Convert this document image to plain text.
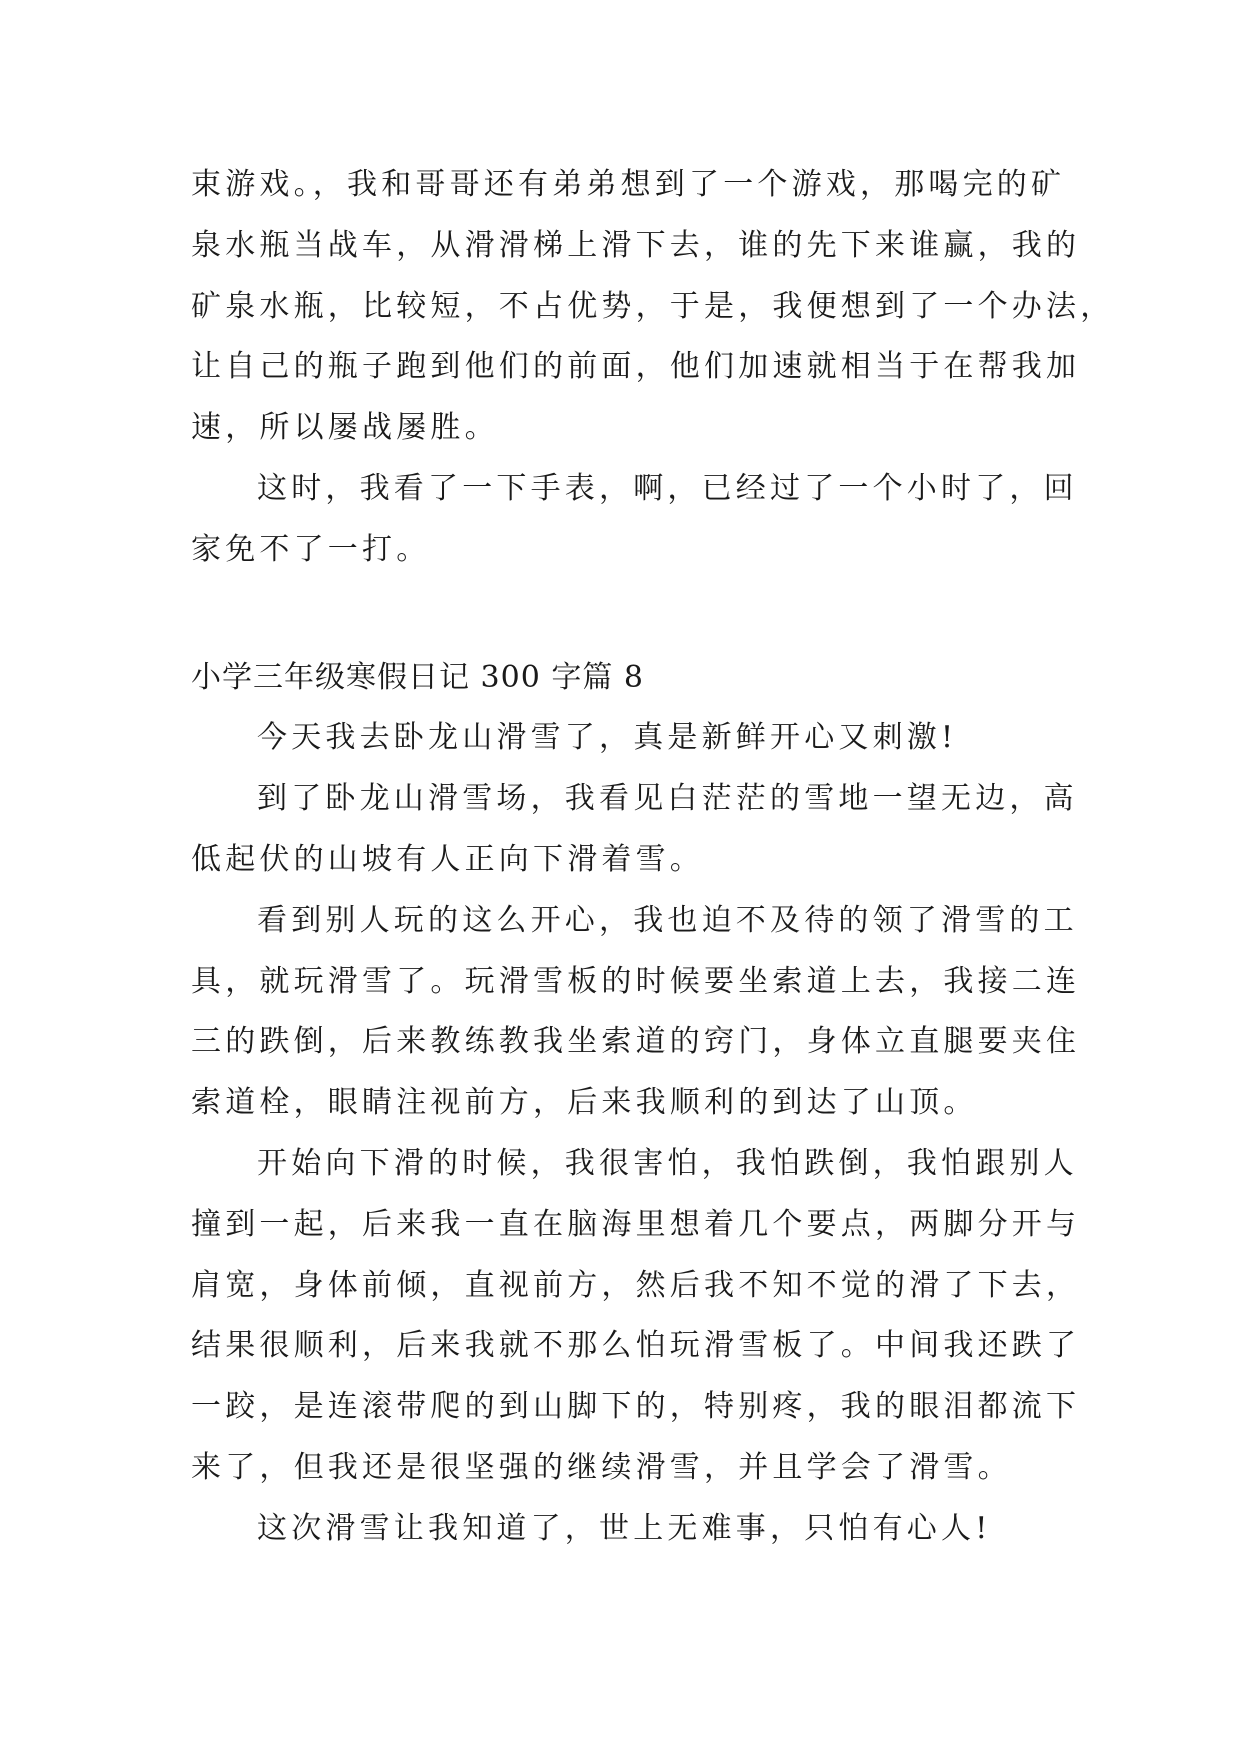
束游戏。，我和哥哥还有弟弟想到了一个游戏，那喝完的矿
泉水瓶当战车，从滑滑梯上滑下去，谁的先下来谁赢，我的
矿泉水瓶，比较短，不占优势，于是，我便想到了一个办法，
让自己的瓶子跑到他们的前面，他们加速就相当于在帮我加
速，所以屡战屡胜。
这时，我看了一下手表，啊，已经过了一个小时了，回
家免不了一打。
小学三年级寒假日记 300 字篇 8
今天我去卧龙山滑雪了，真是新鲜开心又刺激!
到了卧龙山滑雪场，我看见白茫茫的雪地一望无边，高
低起伏的山坡有人正向下滑着雪。
看到别人玩的这么开心，我也迫不及待的领了滑雪的工
具，就玩滑雪了。玩滑雪板的时候要坐索道上去，我接二连
三的跌倒，后来教练教我坐索道的窍门，身体立直腿要夹住
索道栓，眼睛注视前方，后来我顺利的到达了山顶。
开始向下滑的时候，我很害怕，我怕跌倒，我怕跟别人
撞到一起，后来我一直在脑海里想着几个要点，两脚分开与
肩宽，身体前倾，直视前方，然后我不知不觉的滑了下去，
结果很顺利，后来我就不那么怕玩滑雪板了。中间我还跌了
一跤，是连滚带爬的到山脚下的，特别疼，我的眼泪都流下
来了，但我还是很坚强的继续滑雪，并且学会了滑雪。
这次滑雪让我知道了，世上无难事，只怕有心人!
